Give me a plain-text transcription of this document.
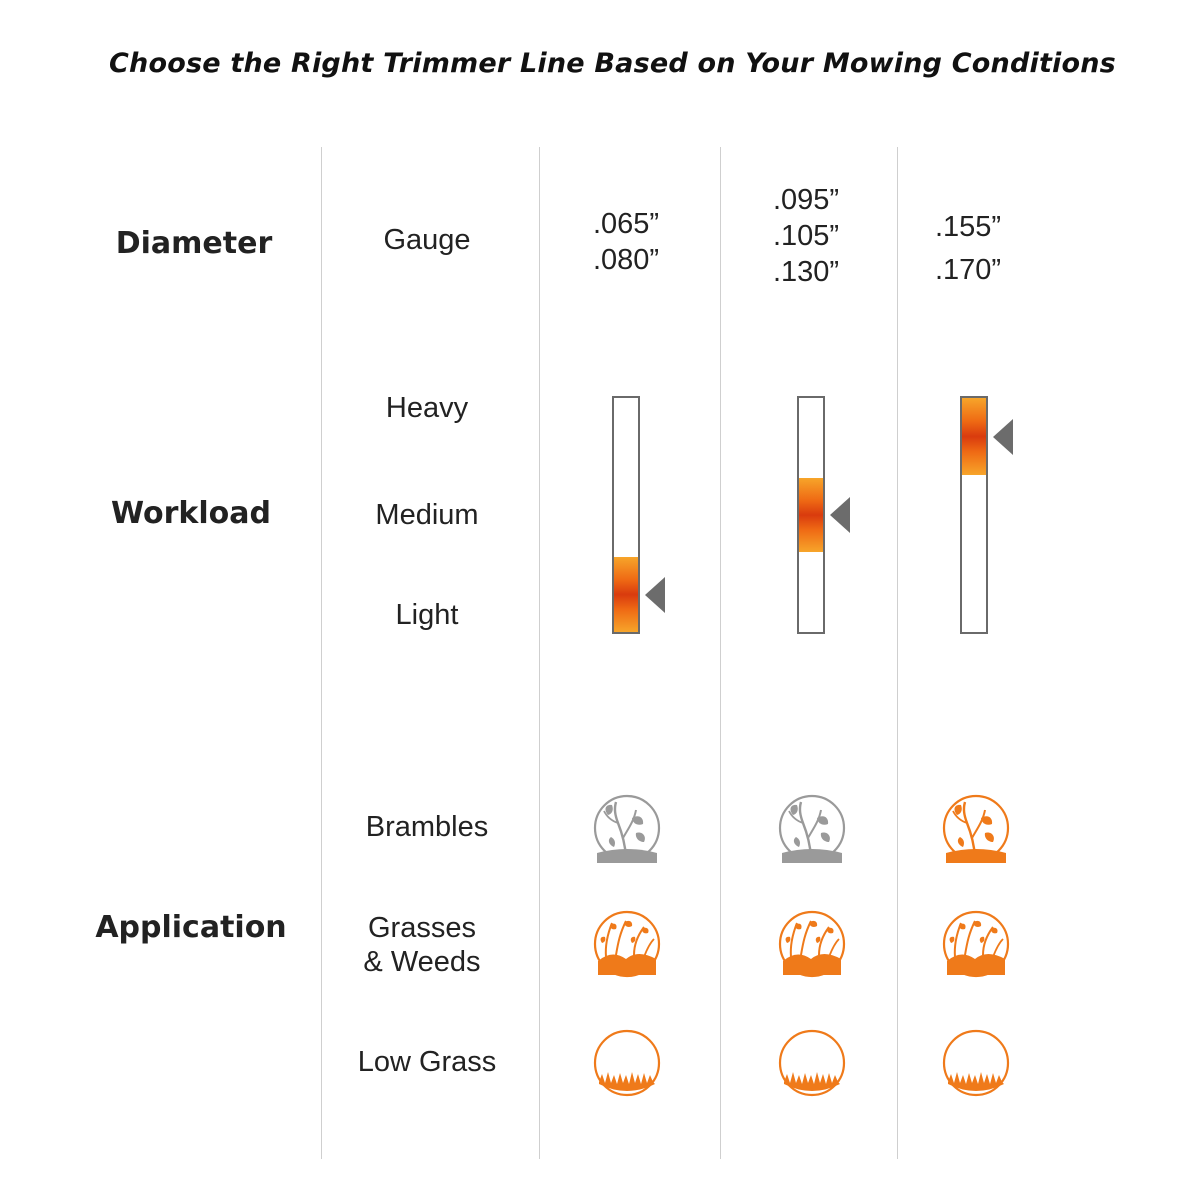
Choose the Right Trimmer Line Based on Your Mowing Conditions
Diameter
Workload
Application
Gauge
Heavy
Medium
Light
Brambles
Grasses
& Weeds
Low Grass
.065”
.080”
.095”
.105”
.130”
.155”
.170”
